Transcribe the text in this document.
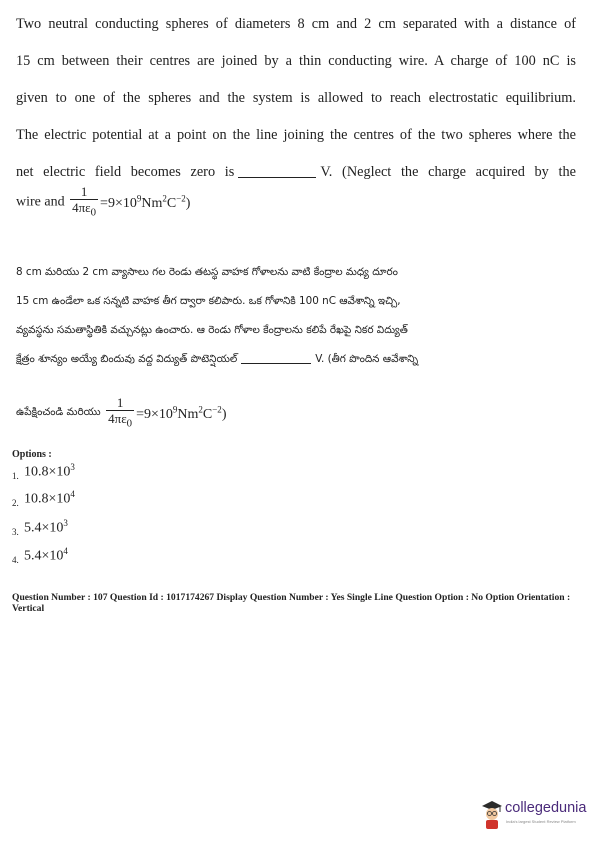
Two neutral conducting spheres of diameters 8 cm and 2 cm separated with a distance of
15 cm between their centres are joined by a thin conducting wire. A charge of 100 nC is
given to one of the spheres and the system is allowed to reach electrostatic equilibrium.
The electric potential at a point on the line joining the centres of the two spheres where the
net electric field becomes zero is	V. (Neglect the charge acquired by the
wire and $\frac{1}{4\pi\varepsilon_0} =9\times 10^9Nm^2C^{-2}$)
8 cm మరియు 2 cm వ్యాసాలు గల రెండు తటస్థ వాహక గోళాలను వాటి కేంద్రాల మధ్య దూరం
15 cm ఉండేలా ఒక సన్నటి వాహక తీగ ద్వారా కలిపారు. ఒక గోళానికి 100 nC ఆవేశాన్ని ఇచ్చి,
వ్యవస్థను సమతాస్థితికి వచ్చునట్లు ఉంచారు. ఆ రెండు గోళాల కేంద్రాలను కలిపే రేఖపై నికర విద్యుత్
క్షేత్రం శూన్యం అయ్యే బిందువు వద్ద విద్యుత్ పొటెన్షియల్	V. (తీగ పొందిన ఆవేశాన్ని
ఉపేక్షించండి మరియు $\frac{1}{4\pi\varepsilon_0} =9\times 10^9Nm^2C^{-2}$)
Options :
1. $10.8\times 10^3$
2. $10.8\times 10^4$
3. $5.4\times 10^3$
4. $5.4\times 10^4$
Question Number : 107 Question Id : 1017174267 Display Question Number : Yes Single Line Question Option : No Option Orientation : Vertical
collegedunia
India's largest Student Review Platform
